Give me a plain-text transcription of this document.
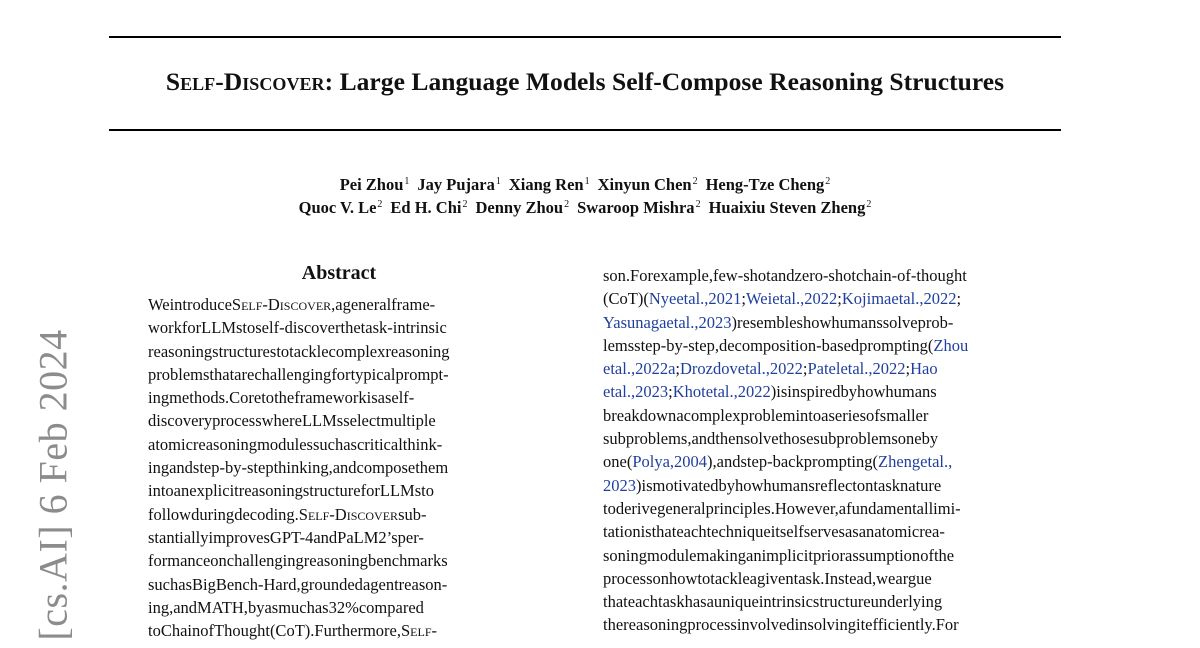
Self-Discover: Large Language Models Self-Compose Reasoning Structures
Pei Zhou$^1$ Jay Pujara$^1$ Xiang Ren$^1$ Xinyun Chen$^2$ Heng-Tze Cheng$^2$
Quoc V. Le$^2$ Ed H. Chi$^2$ Denny Zhou$^2$ Swaroop Mishra$^2$ Huaixiu Steven Zheng$^2$
[cs.AI] 6 Feb 2024
Abstract
WeintroduceSelf-Discover,ageneralframe-
workforLLMstoself-discoverthetask-intrinsic
reasoningstructurestotacklecomplexreasoning
problemsthatarechallengingfortypicalprompt-
ingmethods.Coretotheframeworkisaself-
discoveryprocesswhereLLMsselectmultiple
atomicreasoningmodulessuchascriticalthink-
ingandstep-by-stepthinking,andcomposethem
intoanexplicitreasoningstructureforLLMsto
followduringdecoding.Self-Discoversub-
stantiallyimprovesGPT-4andPaLM2’sper-
formanceonchallengingreasoningbenchmarks
suchasBigBench-Hard,groundedagentreason-
ing,andMATH,byasmuchas32%compared
toChainofThought(CoT).Furthermore,Self-
son.Forexample,few-shotandzero-shotchain-of-thought
(CoT)(Nyeetal.,2021;Weietal.,2022;Kojimaetal.,2022;
Yasunagaetal.,2023)resembleshowhumanssolveprob-
lemsstep-by-step,decomposition-basedprompting(Zhou
etal.,2022a;Drozdovetal.,2022;Pateletal.,2022;Hao
etal.,2023;Khotetal.,2022)isinspiredbyhowhumans
breakdownacomplexproblemintoaseriesofsmaller
subproblems,andthensolvethosesubproblemsoneby
one(Polya,2004),andstep-backprompting(Zhengetal.,
2023)ismotivatedbyhowhumansreflectontasknature
toderivegeneralprinciples.However,afundamentallimi-
tationisthateachtechniqueitselfservesasanatomicrea-
soningmodulemakinganimplicitpriorassumptionofthe
processonhowtotackleagiventask.Instead,weargue
thateachtaskhasauniqueintrinsicstructureunderlying
thereasoningprocessinvolvedinsolvingitefficiently.For
